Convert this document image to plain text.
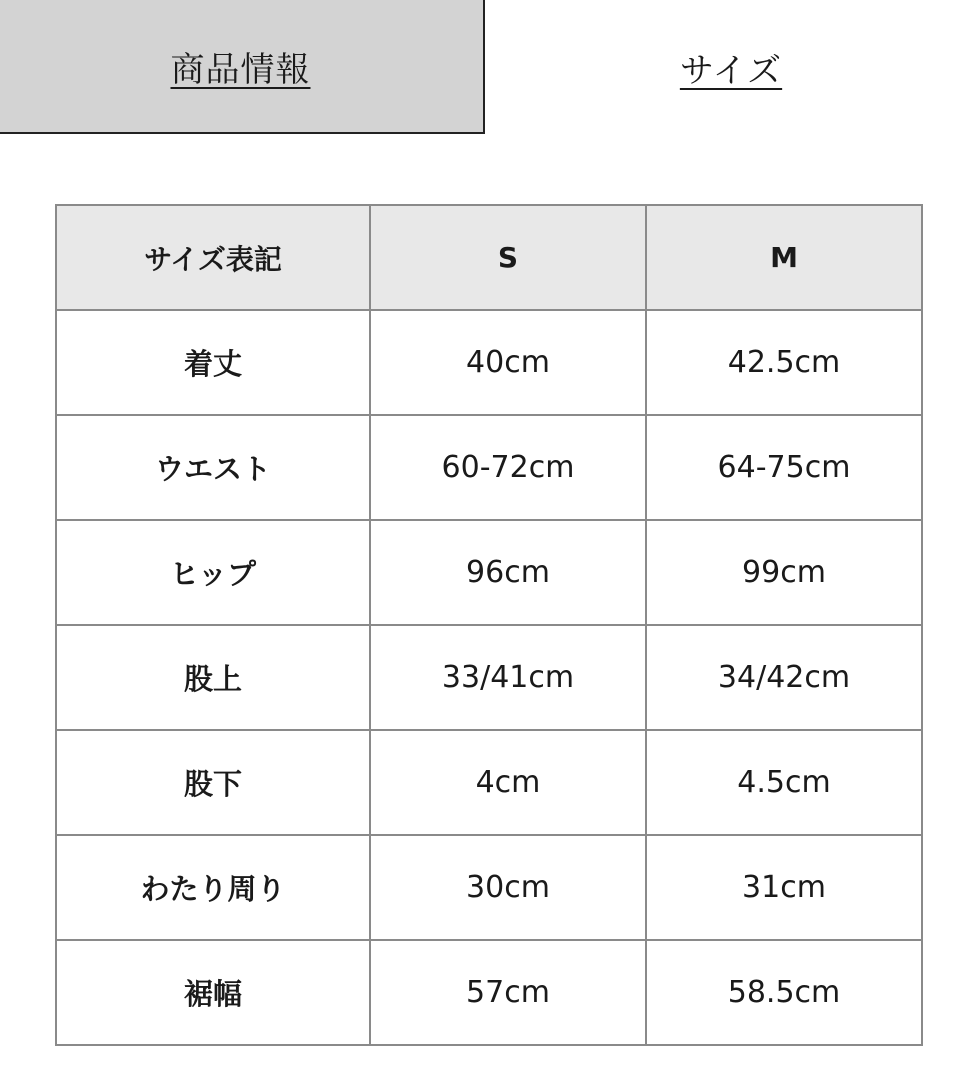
商品情報	サイズ
サイズ表記	S	M
着丈	40cm	42.5cm
ウエスト	60-72cm	64-75cm
ヒップ	96cm	99cm
股上	33/41cm	34/42cm
股下	4cm	4.5cm
わたり周り	30cm	31cm
裾幅	57cm	58.5cm
